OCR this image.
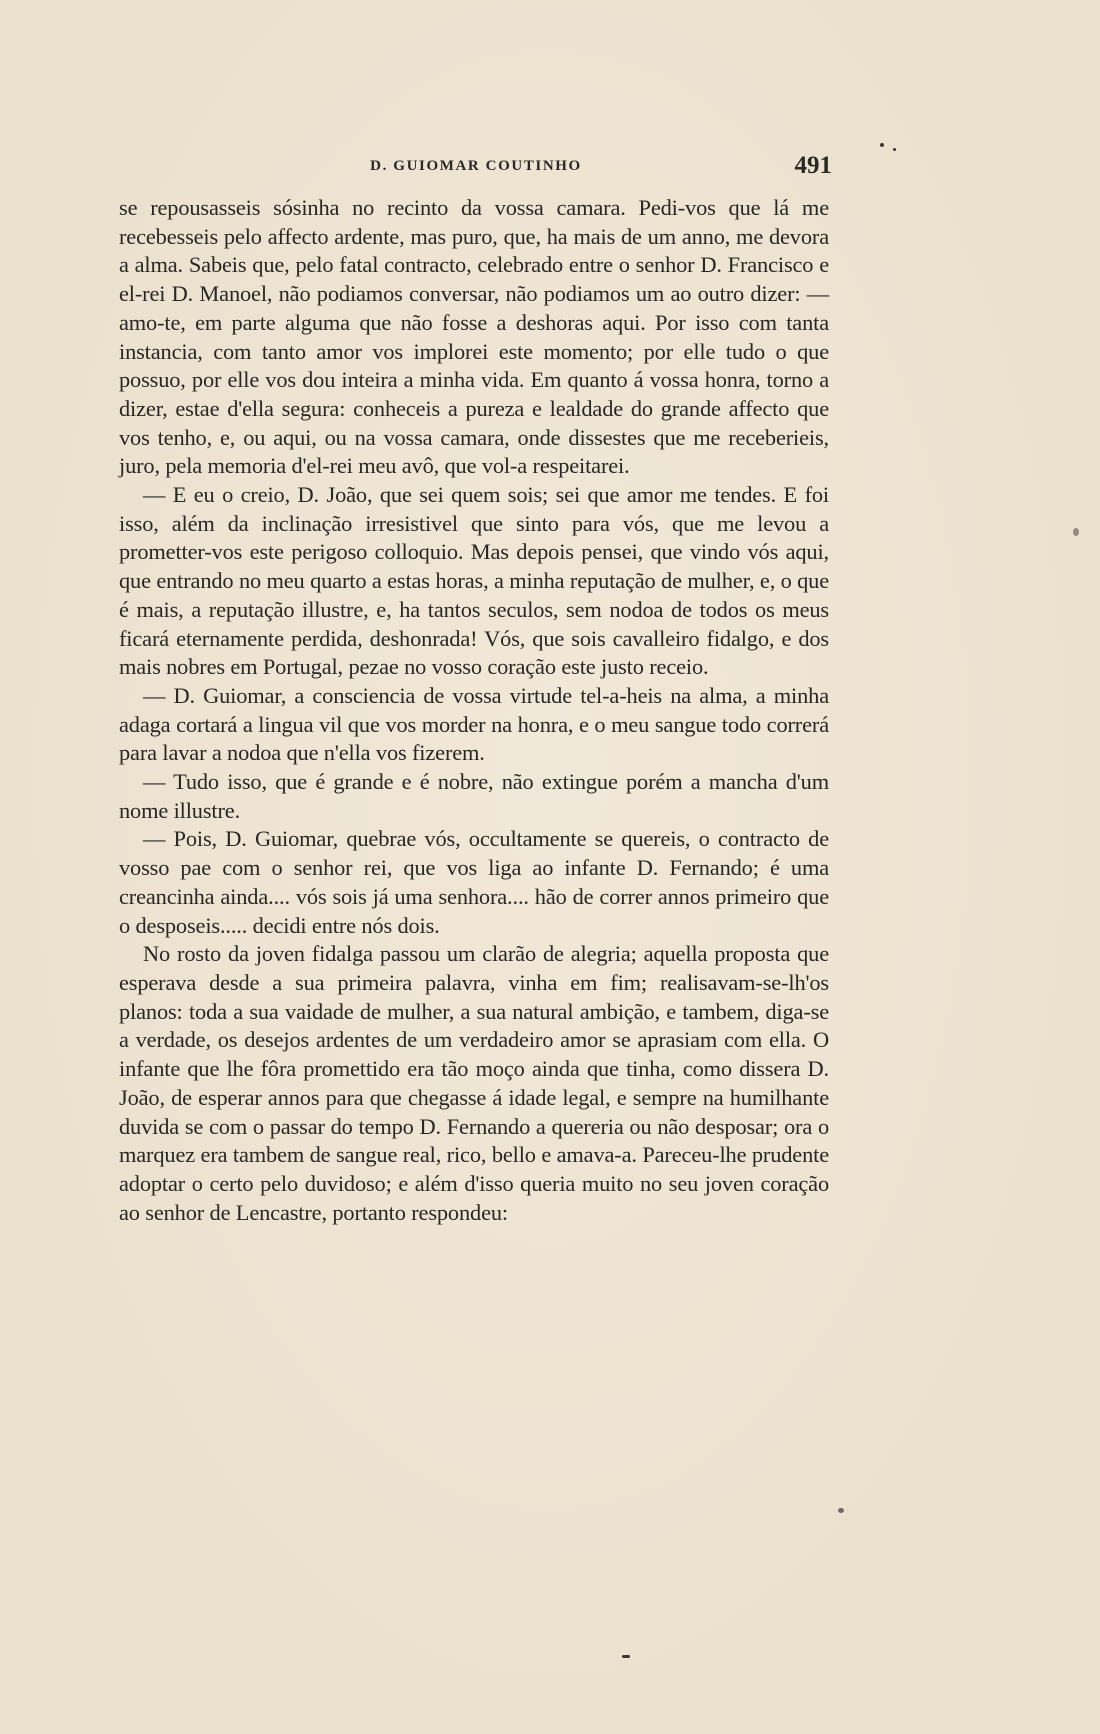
D. GUIOMAR COUTINHO	491

se repousasseis sósinha no recinto da vossa camara. Pedi-vos que lá me recebesseis pelo affecto ardente, mas puro, que, ha mais de um anno, me devora a alma. Sabeis que, pelo fatal contracto, celebrado entre o senhor D. Francisco e el-rei D. Manoel, não podiamos conversar, não podiamos um ao outro dizer: — amo-te, em parte alguma que não fosse a deshoras aqui. Por isso com tanta instancia, com tanto amor vos implorei este momento; por elle tudo o que possuo, por elle vos dou inteira a minha vida. Em quanto á vossa honra, torno a dizer, estae d'ella segura: conheceis a pureza e lealdade do grande affecto que vos tenho, e, ou aqui, ou na vossa camara, onde dissestes que me receberieis, juro, pela memoria d'el-rei meu avô, que vol-a respeitarei.

— E eu o creio, D. João, que sei quem sois; sei que amor me tendes. E foi isso, além da inclinação irresistivel que sinto para vós, que me levou a prometter-vos este perigoso colloquio. Mas depois pensei, que vindo vós aqui, que entrando no meu quarto a estas horas, a minha reputação de mulher, e, o que é mais, a reputação illustre, e, ha tantos seculos, sem nodoa de todos os meus ficará eternamente perdida, deshonrada! Vós, que sois cavalleiro fidalgo, e dos mais nobres em Portugal, pezae no vosso coração este justo receio.

— D. Guiomar, a consciencia de vossa virtude tel-a-heis na alma, a minha adaga cortará a lingua vil que vos morder na honra, e o meu sangue todo correrá para lavar a nodoa que n'ella vos fizerem.

— Tudo isso, que é grande e é nobre, não extingue porém a mancha d'um nome illustre.

— Pois, D. Guiomar, quebrae vós, occultamente se quereis, o contracto de vosso pae com o senhor rei, que vos liga ao infante D. Fernando; é uma creancinha ainda.... vós sois já uma senhora.... hão de correr annos primeiro que o desposeis..... decidi entre nós dois.

No rosto da joven fidalga passou um clarão de alegria; aquella proposta que esperava desde a sua primeira palavra, vinha em fim; realisavam-se-lh'os planos: toda a sua vaidade de mulher, a sua natural ambição, e tambem, diga-se a verdade, os desejos ardentes de um verdadeiro amor se aprasiam com ella. O infante que lhe fôra promettido era tão moço ainda que tinha, como dissera D. João, de esperar annos para que chegasse á idade legal, e sempre na humilhante duvida se com o passar do tempo D. Fernando a quereria ou não desposar; ora o marquez era tambem de sangue real, rico, bello e amava-a. Pareceu-lhe prudente adoptar o certo pelo duvidoso; e além d'isso queria muito no seu joven coração ao senhor de Lencastre, portanto respondeu:
